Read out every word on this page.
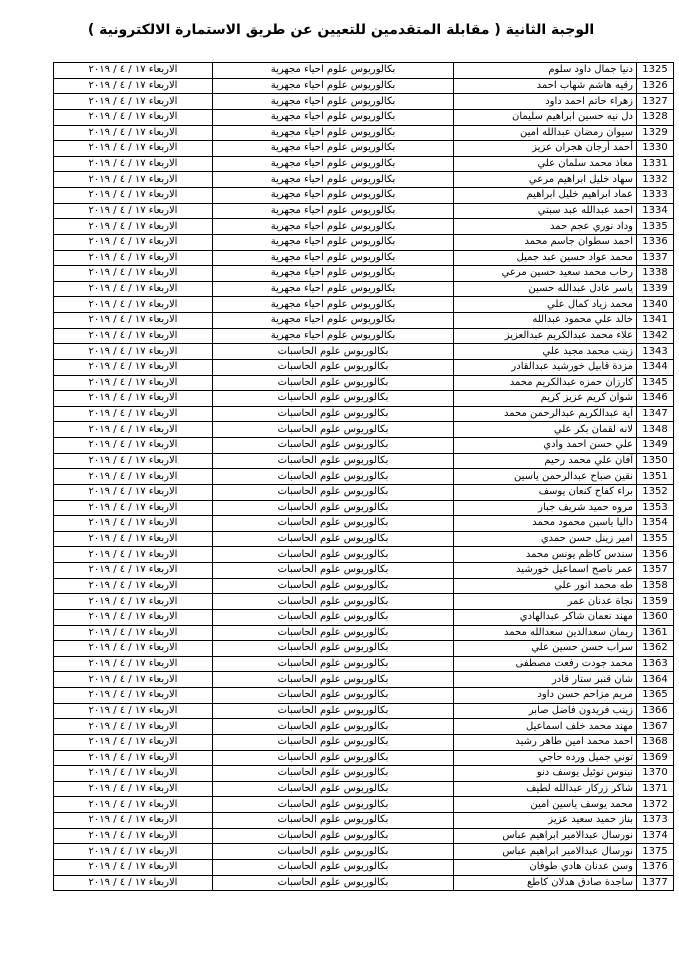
الوجبة الثانية ( مقابلة المتقدمين للتعيين عن طريق الاستمارة الالكترونية )
1325	دنيا جمال داود سلوم	بكالوريوس علوم احياء مجهرية	الاربعاء ١٧ / ٤ / ٢٠١٩
1326	رقيه هاشم شهاب احمد	بكالوريوس علوم احياء مجهرية	الاربعاء ١٧ / ٤ / ٢٠١٩
1327	زهراء حاتم احمد داود	بكالوريوس علوم احياء مجهرية	الاربعاء ١٧ / ٤ / ٢٠١٩
1328	دل نيه حسين ابراهيم سليمان	بكالوريوس علوم احياء مجهرية	الاربعاء ١٧ / ٤ / ٢٠١٩
1329	سيوان رمضان عبدالله امين	بكالوريوس علوم احياء مجهرية	الاربعاء ١٧ / ٤ / ٢٠١٩
1330	أحمد أرجان هجران عزيز	بكالوريوس علوم احياء مجهرية	الاربعاء ١٧ / ٤ / ٢٠١٩
1331	معاذ محمد سلمان علي	بكالوريوس علوم احياء مجهرية	الاربعاء ١٧ / ٤ / ٢٠١٩
1332	سهاد خليل ابراهيم مرعي	بكالوريوس علوم احياء مجهرية	الاربعاء ١٧ / ٤ / ٢٠١٩
1333	عماد ابراهيم خليل ابراهيم	بكالوريوس علوم احياء مجهرية	الاربعاء ١٧ / ٤ / ٢٠١٩
1334	احمد عبدالله عبد سبتي	بكالوريوس علوم احياء مجهرية	الاربعاء ١٧ / ٤ / ٢٠١٩
1335	وداد نوري عجم حمد	بكالوريوس علوم احياء مجهرية	الاربعاء ١٧ / ٤ / ٢٠١٩
1336	احمد سطوان جاسم محمد	بكالوريوس علوم احياء مجهرية	الاربعاء ١٧ / ٤ / ٢٠١٩
1337	محمد عواد حسين عبد جميل	بكالوريوس علوم احياء مجهرية	الاربعاء ١٧ / ٤ / ٢٠١٩
1338	رحاب محمد سعيد حسين مرعي	بكالوريوس علوم احياء مجهرية	الاربعاء ١٧ / ٤ / ٢٠١٩
1339	ياسر عادل عبدالله حسين	بكالوريوس علوم احياء مجهرية	الاربعاء ١٧ / ٤ / ٢٠١٩
1340	محمد زياد كمال علي	بكالوريوس علوم احياء مجهرية	الاربعاء ١٧ / ٤ / ٢٠١٩
1341	خالد علي محمود عبدالله	بكالوريوس علوم احياء مجهرية	الاربعاء ١٧ / ٤ / ٢٠١٩
1342	علاء محمد عبدالكريم عبدالعزيز	بكالوريوس علوم احياء مجهرية	الاربعاء ١٧ / ٤ / ٢٠١٩
1343	زينب محمد مجيد علي	بكالوريوس علوم الحاسبات	الاربعاء ١٧ / ٤ / ٢٠١٩
1344	مزدة قابيل خورشيد عبدالقادر	بكالوريوس علوم الحاسبات	الاربعاء ١٧ / ٤ / ٢٠١٩
1345	كارزان حمزه عبدالكريم محمد	بكالوريوس علوم الحاسبات	الاربعاء ١٧ / ٤ / ٢٠١٩
1346	شوان كريم عزيز كريم	بكالوريوس علوم الحاسبات	الاربعاء ١٧ / ٤ / ٢٠١٩
1347	آية عبدالكريم عبدالرحمن محمد	بكالوريوس علوم الحاسبات	الاربعاء ١٧ / ٤ / ٢٠١٩
1348	لانه لقمان بكر علي	بكالوريوس علوم الحاسبات	الاربعاء ١٧ / ٤ / ٢٠١٩
1349	علي حسن احمد وادي	بكالوريوس علوم الحاسبات	الاربعاء ١٧ / ٤ / ٢٠١٩
1350	آفان علي محمد رحيم	بكالوريوس علوم الحاسبات	الاربعاء ١٧ / ٤ / ٢٠١٩
1351	نقين صباح عبدالرحمن ياسين	بكالوريوس علوم الحاسبات	الاربعاء ١٧ / ٤ / ٢٠١٩
1352	براء كفاح كنعان يوسف	بكالوريوس علوم الحاسبات	الاربعاء ١٧ / ٤ / ٢٠١٩
1353	مروه حميد شريف جبار	بكالوريوس علوم الحاسبات	الاربعاء ١٧ / ٤ / ٢٠١٩
1354	داليا ياسين محمود محمد	بكالوريوس علوم الحاسبات	الاربعاء ١٧ / ٤ / ٢٠١٩
1355	امير زينل حسن حمدي	بكالوريوس علوم الحاسبات	الاربعاء ١٧ / ٤ / ٢٠١٩
1356	سندس كاظم يونس محمد	بكالوريوس علوم الحاسبات	الاربعاء ١٧ / ٤ / ٢٠١٩
1357	عمر ناصح اسماعيل خورشيد	بكالوريوس علوم الحاسبات	الاربعاء ١٧ / ٤ / ٢٠١٩
1358	طه محمد انور علي	بكالوريوس علوم الحاسبات	الاربعاء ١٧ / ٤ / ٢٠١٩
1359	نجاة عدنان عمر	بكالوريوس علوم الحاسبات	الاربعاء ١٧ / ٤ / ٢٠١٩
1360	مهند نعمان شاكر عبدالهادي	بكالوريوس علوم الحاسبات	الاربعاء ١٧ / ٤ / ٢٠١٩
1361	ريمان سعدالدين سعدالله محمد	بكالوريوس علوم الحاسبات	الاربعاء ١٧ / ٤ / ٢٠١٩
1362	سراب حسن حسين علي	بكالوريوس علوم الحاسبات	الاربعاء ١٧ / ٤ / ٢٠١٩
1363	محمد جودت رفعت مصطفى	بكالوريوس علوم الحاسبات	الاربعاء ١٧ / ٤ / ٢٠١٩
1364	شان قنبر ستار قادر	بكالوريوس علوم الحاسبات	الاربعاء ١٧ / ٤ / ٢٠١٩
1365	مريم مزاحم حسن داود	بكالوريوس علوم الحاسبات	الاربعاء ١٧ / ٤ / ٢٠١٩
1366	زينب فريدون فاضل صابر	بكالوريوس علوم الحاسبات	الاربعاء ١٧ / ٤ / ٢٠١٩
1367	مهند محمد خلف اسماعيل	بكالوريوس علوم الحاسبات	الاربعاء ١٧ / ٤ / ٢٠١٩
1368	احمد محمد امين طاهر رشيد	بكالوريوس علوم الحاسبات	الاربعاء ١٧ / ٤ / ٢٠١٩
1369	توني جميل ورده حاجي	بكالوريوس علوم الحاسبات	الاربعاء ١٧ / ٤ / ٢٠١٩
1370	نينوس نوئيل يوسف دنو	بكالوريوس علوم الحاسبات	الاربعاء ١٧ / ٤ / ٢٠١٩
1371	شاكر زركار عبدالله لطيف	بكالوريوس علوم الحاسبات	الاربعاء ١٧ / ٤ / ٢٠١٩
1372	محمد يوسف ياسين امين	بكالوريوس علوم الحاسبات	الاربعاء ١٧ / ٤ / ٢٠١٩
1373	بناز حميد سعيد عزيز	بكالوريوس علوم الحاسبات	الاربعاء ١٧ / ٤ / ٢٠١٩
1374	نورسال عبدالامير ابراهيم عباس	بكالوريوس علوم الحاسبات	الاربعاء ١٧ / ٤ / ٢٠١٩
1375	نورسال عبدالامير ابراهيم عباس	بكالوريوس علوم الحاسبات	الاربعاء ١٧ / ٤ / ٢٠١٩
1376	وسن عدنان هادي طوفان	بكالوريوس علوم الحاسبات	الاربعاء ١٧ / ٤ / ٢٠١٩
1377	ساجدة صادق هدلان كاطع	بكالوريوس علوم الحاسبات	الاربعاء ١٧ / ٤ / ٢٠١٩
